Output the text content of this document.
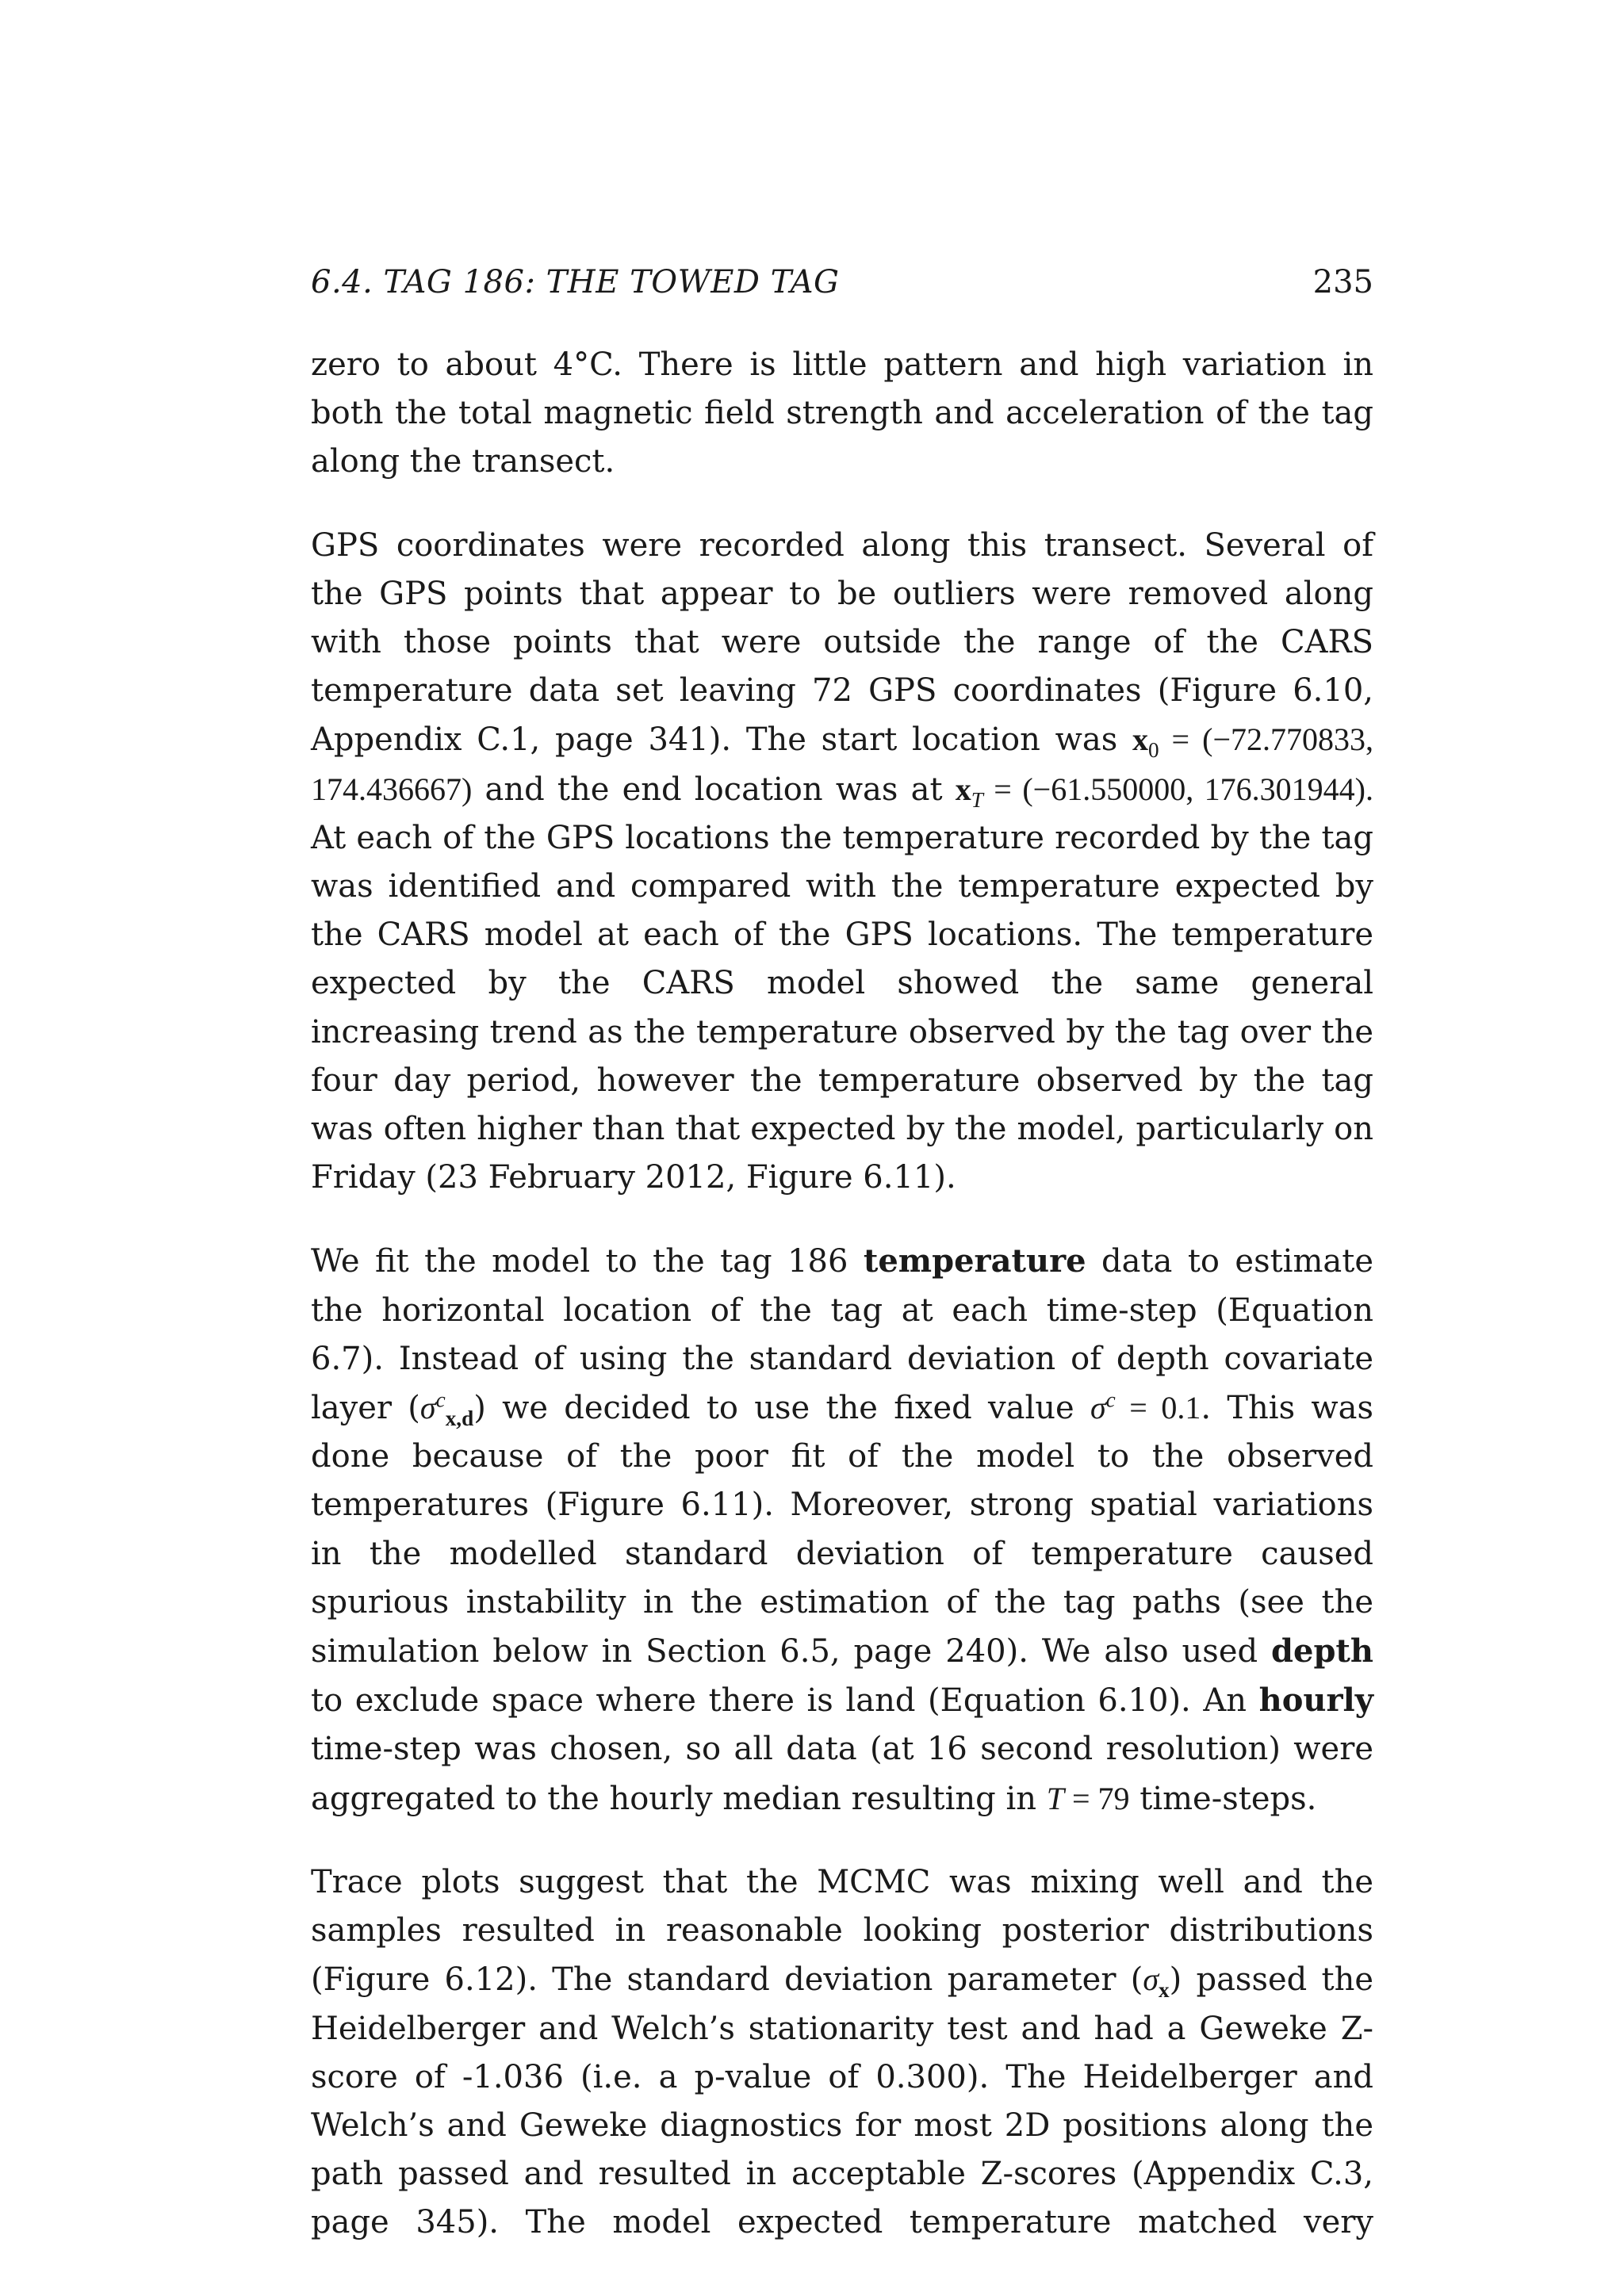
6.4. TAG 186: THE TOWED TAG	235

zero to about 4°C. There is little pattern and high variation in both the total magnetic field strength and acceleration of the tag along the transect.

GPS coordinates were recorded along this transect. Several of the GPS points that appear to be outliers were removed along with those points that were outside the range of the CARS temperature data set leaving 72 GPS coordinates (Figure 6.10, Appendix C.1, page 341). The start location was $x_0 = (-72.770833$, 174.436667) and the end location was at $x_T = (-61.550000$, 176.301944). At each of the GPS locations the temperature recorded by the tag was identified and compared with the temperature expected by the CARS model at each of the GPS locations. The temperature expected by the CARS model showed the same general increasing trend as the temperature observed by the tag over the four day period, however the temperature observed by the tag was often higher than that expected by the model, particularly on Friday (23 February 2012, Figure 6.11).

We fit the model to the tag 186 temperature data to estimate the horizontal location of the tag at each time-step (Equation 6.7). Instead of using the standard deviation of depth covariate layer $(\sigma^c_{x,d})$ we decided to use the fixed value $\sigma^c = 0.1$. This was done because of the poor fit of the model to the observed temperatures (Figure 6.11). Moreover, strong spatial variations in the modelled standard deviation of temperature caused spurious instability in the estimation of the tag paths (see the simulation below in Section 6.5, page 240). We also used depth to exclude space where there is land (Equation 6.10). An hourly time-step was chosen, so all data (at 16 second resolution) were aggregated to the hourly median resulting in T = 79 time-steps.

Trace plots suggest that the MCMC was mixing well and the samples resulted in reasonable looking posterior distributions (Figure 6.12). The standard deviation parameter $(\sigma_x)$ passed the Heidelberger and Welch’s stationarity test and had a Geweke Z-score of -1.036 (i.e. a p-value of 0.300). The Heidelberger and Welch’s and Geweke diagnostics for most 2D positions along the path passed and resulted in acceptable Z-scores (Appendix C.3, page 345). The model expected temperature matched very
